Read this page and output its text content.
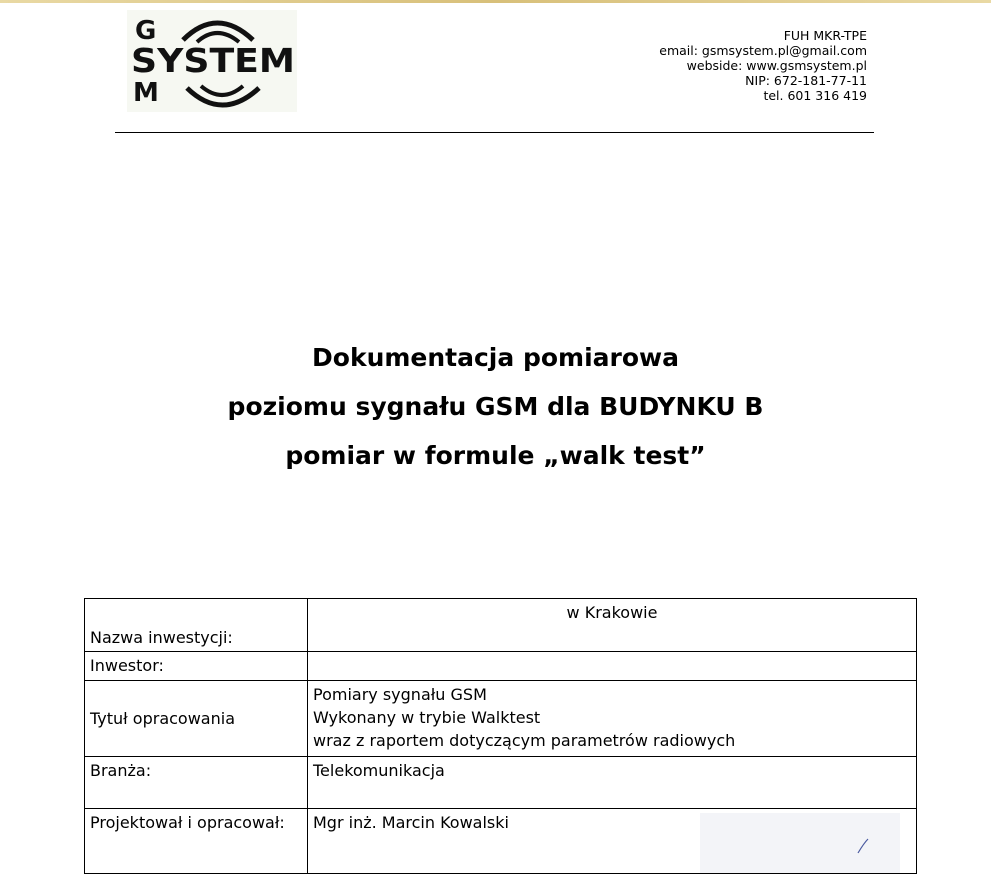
G
SYSTEM
M
FUH MKR-TPE
email: gsmsystem.pl@gmail.com
webside: www.gsmsystem.pl
NIP: 672-181-77-11
tel. 601 316 419
Dokumentacja pomiarowa
poziomu sygnału GSM dla BUDYNKU B
pomiar w formule „walk test”
Nazwa inwestycji:	w Krakowie
Inwestor:	
Tytuł opracowania	Pomiary sygnału GSM
Wykonany w trybie Walktest
wraz z raportem dotyczącym parametrów radiowych

Branża:	Telekomunikacja
Projektował i opracował:	Mgr inż. Marcin Kowalski
